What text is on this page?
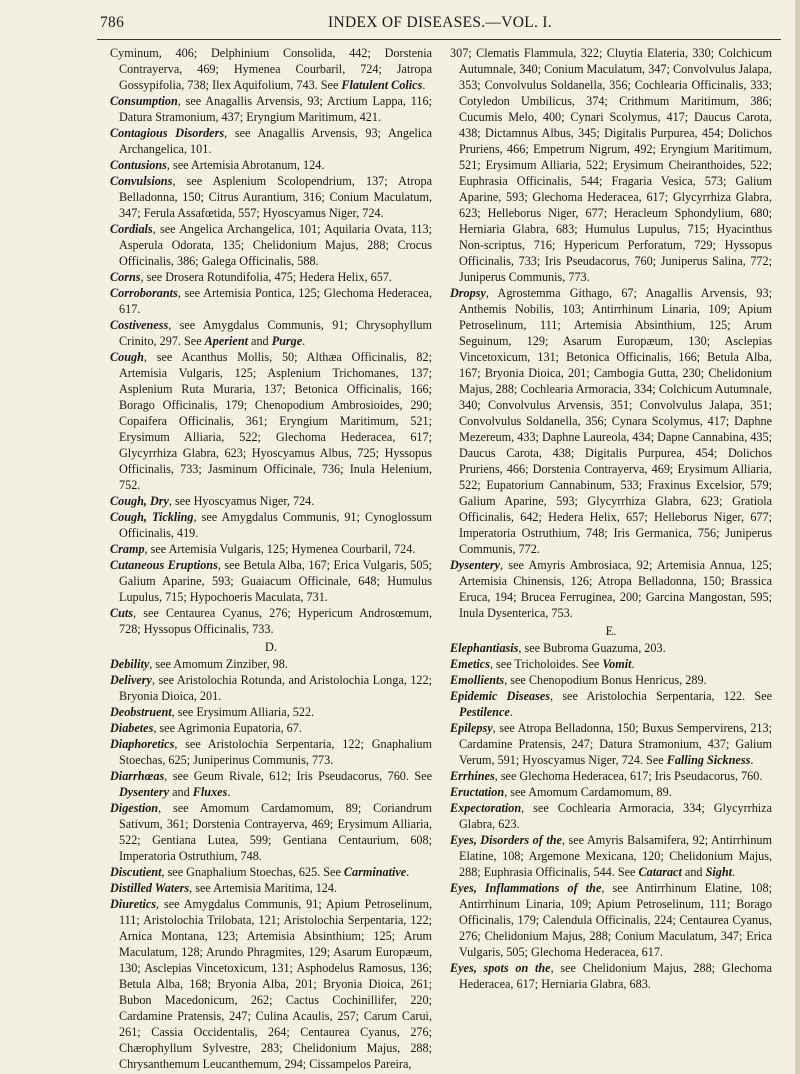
INDEX OF DISEASES.—VOL. I.
786

Cyminum, 406; Delphinium Consolida, 442; Dorstenia Contrayerva, 469; Hymenea Courbaril, 724; Jatropa Gossypifolia, 738; Ilex Aquifolium, 743. See Flatulent Colics.

Consumption, see Anagallis Arvensis, 93; Arctium Lappa, 116; Datura Stramonium, 437; Eryngium Maritimum, 421.

Contagious Disorders, see Anagallis Arvensis, 93; Angelica Archangelica, 101.

Contusions, see Artemisia Abrotanum, 124.

Convulsions, see Asplenium Scolopendrium, 137; Atropa Belladonna, 150; Citrus Aurantium, 316; Conium Maculatum, 347; Ferula Assafœtida, 557; Hyoscyamus Niger, 724.

Cordials, see Angelica Archangelica, 101; Aquilaria Ovata, 113; Asperula Odorata, 135; Chelidonium Majus, 288; Crocus Officinalis, 386; Galega Officinalis, 588.

Corns, see Drosera Rotundifolia, 475; Hedera Helix, 657.

Corroborants, see Artemisia Pontica, 125; Glechoma Hederacea, 617.

Costiveness, see Amygdalus Communis, 91; Chrysophyllum Crinito, 297. See Aperient and Purge.

Cough, see Acanthus Mollis, 50; Althæa Officinalis, 82; Artemisia Vulgaris, 125; Asplenium Trichomanes, 137; Asplenium Ruta Muraria, 137; Betonica Officinalis, 166; Borago Officinalis, 179; Chenopodium Ambrosioides, 290; Copaifera Officinalis, 361; Eryngium Maritimum, 521; Erysimum Alliaria, 522; Glechoma Hederacea, 617; Glycyrrhiza Glabra, 623; Hyoscyamus Albus, 725; Hyssopus Officinalis, 733; Jasminum Officinale, 736; Inula Helenium, 752.

Cough, Dry, see Hyoscyamus Niger, 724.

Cough, Tickling, see Amygdalus Communis, 91; Cynoglossum Officinalis, 419.

Cramp, see Artemisia Vulgaris, 125; Hymenea Courbaril, 724.

Cutaneous Eruptions, see Betula Alba, 167; Erica Vulgaris, 505; Galium Aparine, 593; Guaiacum Officinale, 648; Humulus Lupulus, 715; Hypochoeris Maculata, 731.

Cuts, see Centaurea Cyanus, 276; Hypericum Androsœmum, 728; Hyssopus Officinalis, 733.

D.

Debility, see Amomum Zinziber, 98.

Delivery, see Aristolochia Rotunda, and Aristolochia Longa, 122; Bryonia Dioica, 201.

Deobstruent, see Erysimum Alliaria, 522.

Diabetes, see Agrimonia Eupatoria, 67.

Diaphoretics, see Aristolochia Serpentaria, 122; Gnaphalium Stoechas, 625; Juniperinus Communis, 773.

Diarrhœas, see Geum Rivale, 612; Iris Pseudacorus, 760. See Dysentery and Fluxes.

Digestion, see Amomum Cardamomum, 89; Coriandrum Sativum, 361; Dorstenia Contrayerva, 469; Erysimum Alliaria, 522; Gentiana Lutea, 599; Gentiana Centaurium, 608; Imperatoria Ostruthium, 748.

Discutient, see Gnaphalium Stoechas, 625. See Carminative.

Distilled Waters, see Artemisia Maritima, 124.

Diuretics, see Amygdalus Communis, 91; Apium Petroselinum, 111; Aristolochia Trilobata, 121; Aristolochia Serpentaria, 122; Arnica Montana, 123; Artemisia Absinthium; 125; Arum Maculatum, 128; Arundo Phragmites, 129; Asarum Europæum, 130; Asclepias Vincetoxicum, 131; Asphodelus Ramosus, 136; Betula Alba, 168; Bryonia Alba, 201; Bryonia Dioica, 261; Bubon Macedonicum, 262; Cactus Cochinillifer, 220; Cardamine Pratensis, 247; Culina Acaulis, 257; Carum Carui, 261; Cassia Occidentalis, 264; Centaurea Cyanus, 276; Chærophyllum Sylvestre, 283; Chelidonium Majus, 288; Chrysanthemum Leucanthemum, 294; Cissampelos Pareira,

307; Clematis Flammula, 322; Cluytia Elateria, 330; Colchicum Autumnale, 340; Conium Maculatum, 347; Convolvulus Jalapa, 353; Convolvulus Soldanella, 356; Cochlearia Officinalis, 333; Cotyledon Umbilicus, 374; Crithmum Maritimum, 386; Cucumis Melo, 400; Cynari Scolymus, 417; Daucus Carota, 438; Dictamnus Albus, 345; Digitalis Purpurea, 454; Dolichos Pruriens, 466; Empetrum Nigrum, 492; Eryngium Maritimum, 521; Erysimum Alliaria, 522; Erysimum Cheiranthoides, 522; Euphrasia Officinalis, 544; Fragaria Vesica, 573; Galium Aparine, 593; Glechoma Hederacea, 617; Glycyrrhiza Glabra, 623; Helleborus Niger, 677; Heracleum Sphondylium, 680; Herniaria Glabra, 683; Humulus Lupulus, 715; Hyacinthus Non-scriptus, 716; Hypericum Perforatum, 729; Hyssopus Officinalis, 733; Iris Pseudacorus, 760; Juniperus Salina, 772; Juniperus Communis, 773.

Dropsy, Agrostemma Githago, 67; Anagallis Arvensis, 93; Anthemis Nobilis, 103; Antirrhinum Linaria, 109; Apium Petroselinum, 111; Artemisia Absinthium, 125; Arum Seguinum, 129; Asarum Europæum, 130; Asclepias Vincetoxicum, 131; Betonica Officinalis, 166; Betula Alba, 167; Bryonia Dioica, 201; Cambogia Gutta, 230; Chelidonium Majus, 288; Cochlearia Armoracia, 334; Colchicum Autumnale, 340; Convolvulus Arvensis, 351; Convolvulus Jalapa, 351; Convolvulus Soldanella, 356; Cynara Scolymus, 417; Daphne Mezereum, 433; Daphne Laureola, 434; Dapne Cannabina, 435; Daucus Carota, 438; Digitalis Purpurea, 454; Dolichos Pruriens, 466; Dorstenia Contrayerva, 469; Erysimum Alliaria, 522; Eupatorium Cannabinum, 533; Fraxinus Excelsior, 579; Galium Aparine, 593; Glycyrrhiza Glabra, 623; Gratiola Officinalis, 642; Hedera Helix, 657; Helleborus Niger, 677; Imperatoria Ostruthium, 748; Iris Germanica, 756; Juniperus Communis, 772.

Dysentery, see Amyris Ambrosiaca, 92; Artemisia Annua, 125; Artemisia Chinensis, 126; Atropa Belladonna, 150; Brassica Eruca, 194; Brucea Ferruginea, 200; Garcina Mangostan, 595; Inula Dysenterica, 753.

E.

Elephantiasis, see Bubroma Guazuma, 203.

Emetics, see Tricholoides. See Vomit.

Emollients, see Chenopodium Bonus Henricus, 289.

Epidemic Diseases, see Aristolochia Serpentaria, 122. See Pestilence.

Epilepsy, see Atropa Belladonna, 150; Buxus Sempervirens, 213; Cardamine Pratensis, 247; Datura Stramonium, 437; Galium Verum, 591; Hyoscyamus Niger, 724. See Falling Sickness.

Errhines, see Glechoma Hederacea, 617; Iris Pseudacorus, 760.

Eructation, see Amomum Cardamomum, 89.

Expectoration, see Cochlearia Armoracia, 334; Glycyrrhiza Glabra, 623.

Eyes, Disorders of the, see Amyris Balsamifera, 92; Antirrhinum Elatine, 108; Argemone Mexicana, 120; Chelidonium Majus, 288; Euphrasia Officinalis, 544. See Cataract and Sight.

Eyes, Inflammations of the, see Antirrhinum Elatine, 108; Antirrhinum Linaria, 109; Apium Petroselinum, 111; Borago Officinalis, 179; Calendula Officinalis, 224; Centaurea Cyanus, 276; Chelidonium Majus, 288; Conium Maculatum, 347; Erica Vulgaris, 505; Glechoma Hederacea, 617.

Eyes, spots on the, see Chelidonium Majus, 288; Glechoma Hederacea, 617; Herniaria Glabra, 683.
